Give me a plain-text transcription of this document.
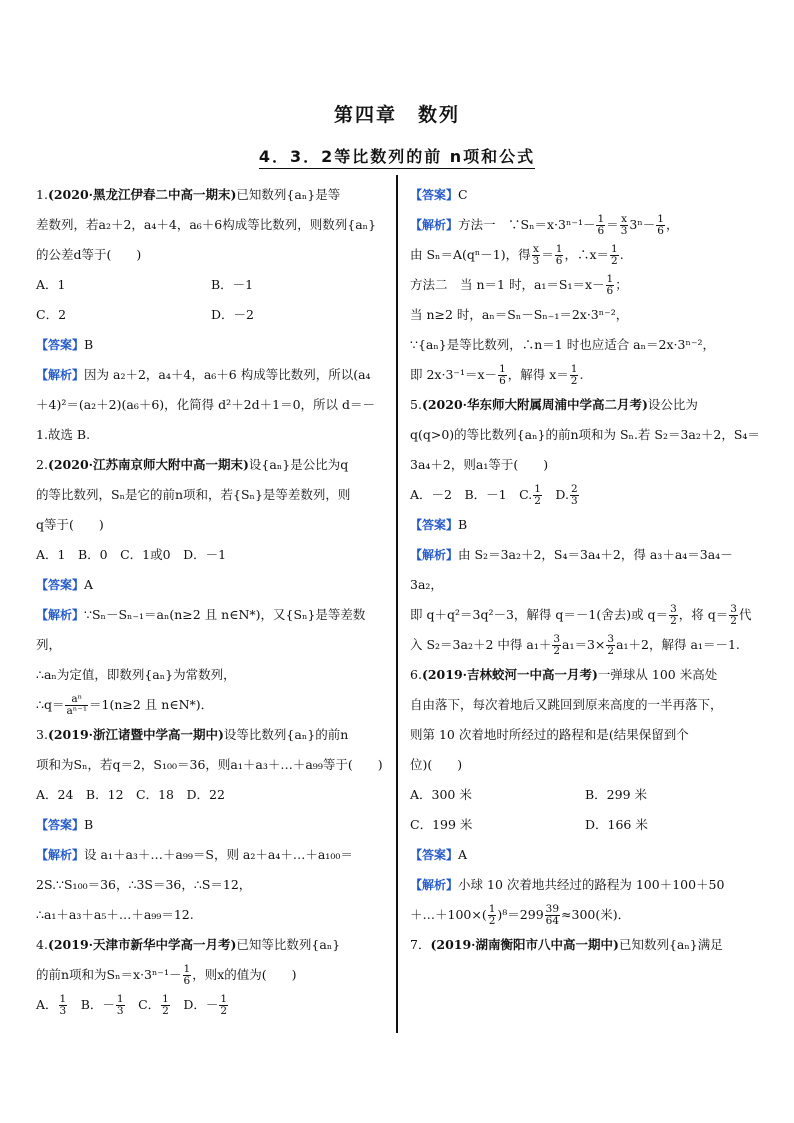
第四章　数列
4．3．2等比数列的前 n项和公式

1.(2020·黑龙江伊春二中高一期末)已知数列{aₙ}是等
差数列，若a₂＋2，a₄＋4，a₆＋6构成等比数列，则数列{aₙ}
的公差d等于(　　)

A．1	B．－1
C．2	D．－2

【答案】B

【解析】因为 a₂＋2，a₄＋4，a₆＋6 构成等比数列，所以(a₄
＋4)²＝(a₂＋2)(a₆＋6)，化简得 d²＋2d＋1＝0，所以 d＝－
1.故选 B.

2.(2020·江苏南京师大附中高一期末)设{aₙ}是公比为q
的等比数列，Sₙ是它的前n项和，若{Sₙ}是等差数列，则
q等于(　　)

A．1　B．0　C．1或0　D．－1

【答案】A

【解析】∵Sₙ－Sₙ₋₁＝aₙ(n≥2 且 n∈N*)，又{Sₙ}是等差数
列，
∴aₙ为定值，即数列{aₙ}为常数列，
∴q＝ $\frac{\text{aⁿ}}{\text{aⁿ⁻¹}} =1(n\ge 2$ 且 n∈N*)．

3.(2019·浙江诸暨中学高一期中)设等比数列{aₙ}的前n
项和为Sₙ，若q＝2，S₁₀₀＝36，则a₁＋a₃＋…＋a₉₉等于(　　)

A．24　B．12　C．18　D．22

【答案】B

【解析】设 a₁＋a₃＋…＋a₉₉＝S，则 a₂＋a₄＋…＋a₁₀₀＝
2S.∵S₁₀₀＝36，∴3S＝36，∴S＝12，
∴a₁＋a₃＋a₅＋…＋a₉₉＝12.

4.(2019·天津市新华中学高一月考)已知等比数列{aₙ}
的前n项和为$S_n=x\cdot 3^{n-1}- \frac{1}{6}$ ，则x的值为(　　)

A． $\frac{1}{3}$ 　B．－ $\frac{1}{3}$ 　C． $\frac{1}{2}$ 　D．－ $\frac{1}{2}$

【答案】C

【解析】方法一　∵Sₙ＝x·3ⁿ⁻¹－ $\frac{1}{6} = \frac{x}{3} 3^n- \frac{1}{6}$ ，
由 Sₙ＝A(qⁿ－1)，得 $\frac{x}{3} = \frac{1}{6}$ ，∴x＝ $\frac{1}{2}$ .
方法二　当 n＝1 时，$a_1=S_1=x- \frac{1}{6}$ ；
当 n≥2 时，aₙ＝Sₙ－Sₙ₋₁＝2x·3ⁿ⁻²，
∵{aₙ}是等比数列，∴n＝1 时也应适合 aₙ＝2x·3ⁿ⁻²，
即 $2x\cdot 3^{-1}=x- \frac{1}{6}$ ，解得 $x= \frac{1}{2}$ .

5.(2020·华东师大附属周浦中学高二月考)设公比为
q(q>0)的等比数列{aₙ}的前n项和为 Sₙ.若 S₂＝3a₂＋2，S₄＝
3a₄＋2，则a₁等于(　　)

A．－2　B．－1　C. $\frac{1}{2}$ 　D. $\frac{2}{3}$

【答案】B

【解析】由 S₂＝3a₂＋2，S₄＝3a₄＋2，得 a₃＋a₄＝3a₄－3a₂，
即 q＋q²＝3q²－3，解得 q＝－1(舍去)或 $q= \frac{3}{2}$ ，将 $q= \frac{3}{2}$ 代
入 S₂＝3a₂＋2 中得 $a_1+ \frac{3}{2} a_1=3\times \frac{3}{2} a_1+2$，解得 a₁＝－1.

6.(2019·吉林蛟河一中高一月考)一弹球从 100 米高处
自由落下，每次着地后又跳回到原来高度的一半再落下，
则第 10 次着地时所经过的路程和是(结果保留到个
位)(　　)

A．300 米	B．299 米
C．199 米	D．166 米

【答案】A

【解析】小球 10 次着地共经过的路程为 100＋100＋50
＋…＋100×( $\frac{1}{2} )^8=299 \frac{39}{64} \approx 300$(米)．

7．(2019·湖南衡阳市八中高一期中)已知数列{aₙ}满足
